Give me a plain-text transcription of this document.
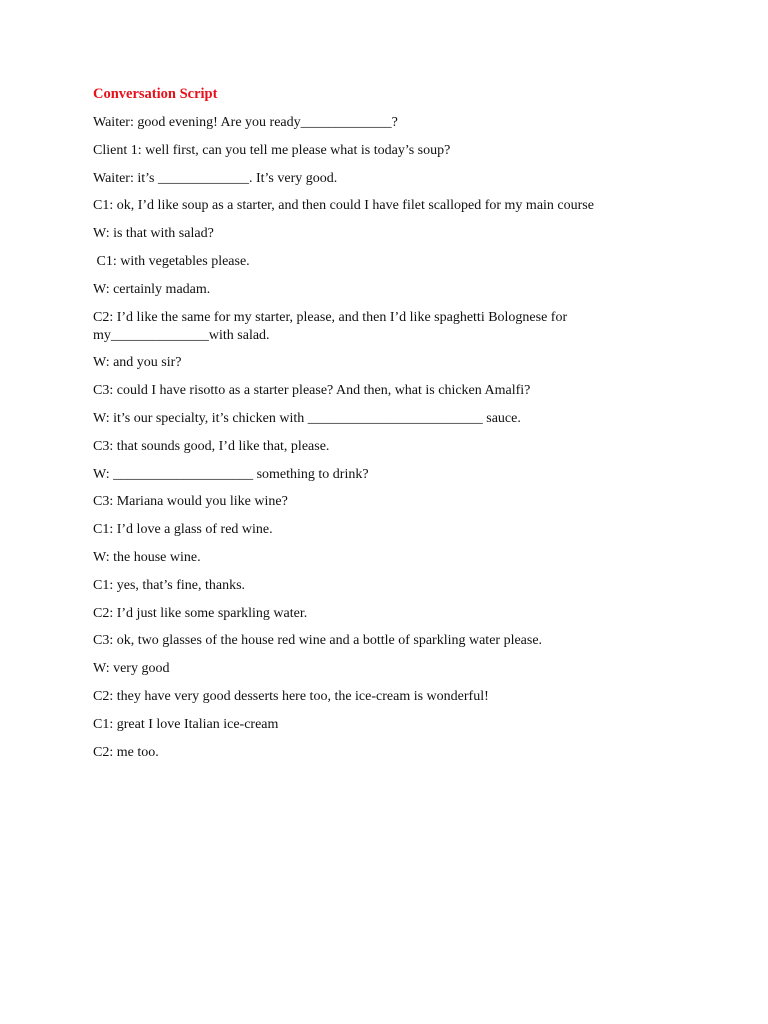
Conversation Script
Waiter: good evening! Are you ready_____________?
Client 1: well first, can you tell me please what is today’s soup?
Waiter: it’s _____________. It’s very good.
C1: ok, I’d like soup as a starter, and then could I have filet scalloped for my main course
W: is that with salad?
C1: with vegetables please.
W: certainly madam.
C2: I’d like the same for my starter, please, and then I’d like spaghetti Bolognese for my______________with salad.
W: and you sir?
C3: could I have risotto as a starter please? And then, what is chicken Amalfi?
W: it’s our specialty, it’s chicken with _________________________ sauce.
C3: that sounds good, I’d like that, please.
W: ____________________ something to drink?
C3: Mariana would you like wine?
C1: I’d love a glass of red wine.
W: the house wine.
C1: yes, that’s fine, thanks.
C2: I’d just like some sparkling water.
C3: ok, two glasses of the house red wine and a bottle of sparkling water please.
W: very good
C2: they have very good desserts here too, the ice-cream is wonderful!
C1: great I love Italian ice-cream
C2: me too.
